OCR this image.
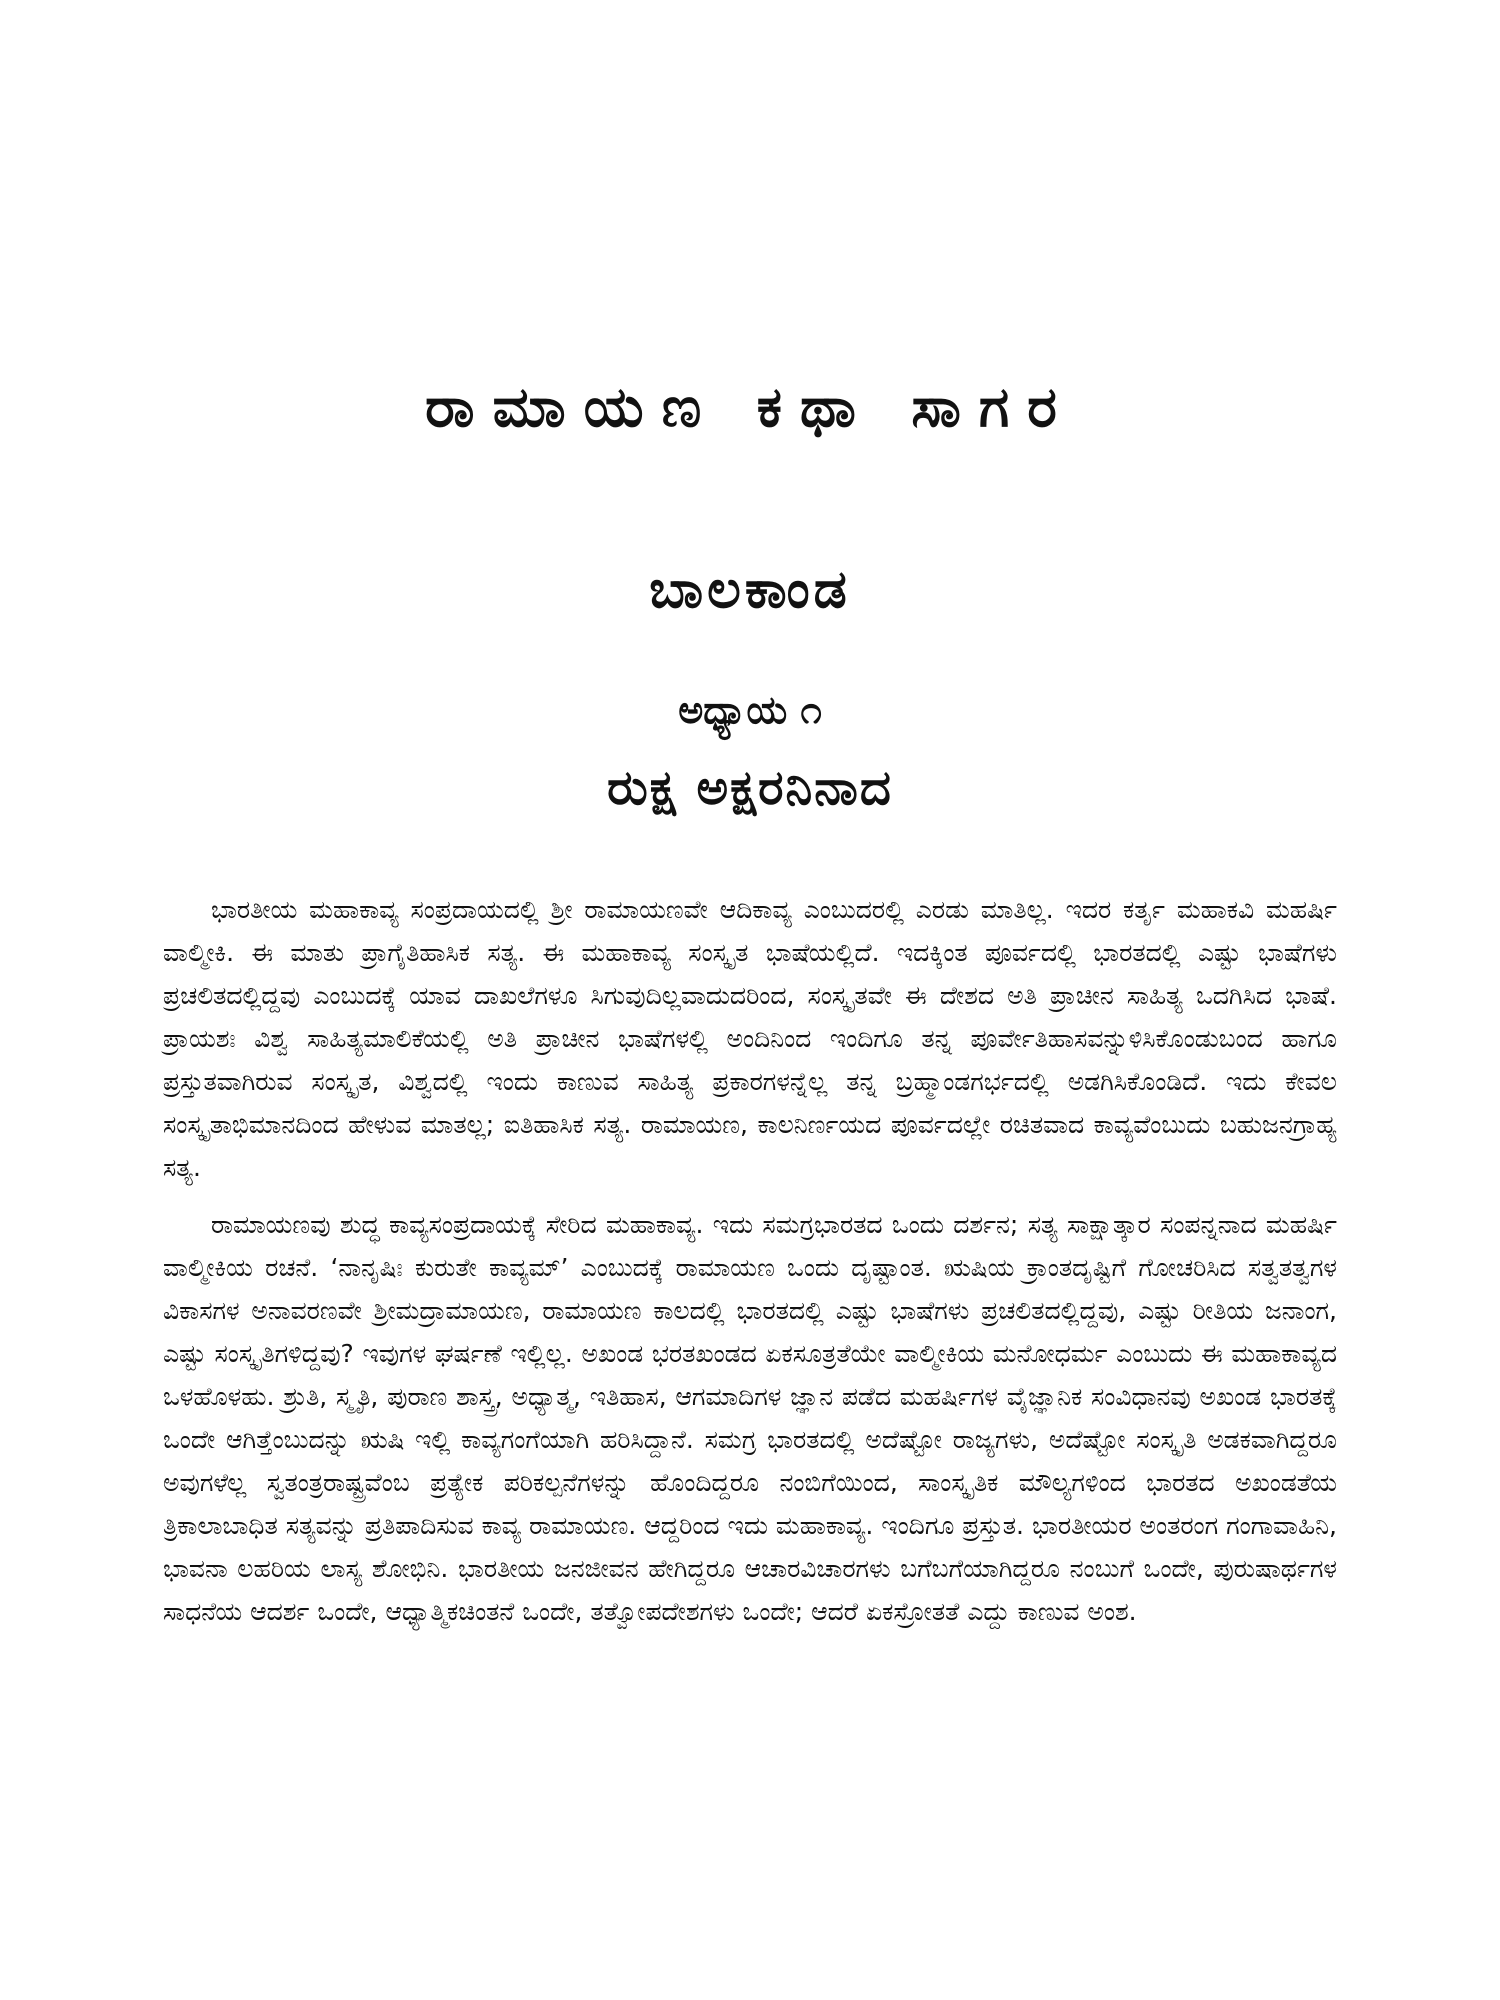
ರಾಮಾಯಣ ಕಥಾ ಸಾಗರ
ಬಾಲಕಾಂಡ
ಅಧ್ಯಾಯ ೧
ರುಕ್ಷ ಅಕ್ಷರನಿನಾದ

ಭಾರತೀಯ ಮಹಾಕಾವ್ಯ ಸಂಪ್ರದಾಯದಲ್ಲಿ ಶ್ರೀ ರಾಮಾಯಣವೇ ಆದಿಕಾವ್ಯ ಎಂಬುದರಲ್ಲಿ ಎರಡು ಮಾತಿಲ್ಲ. ಇದರ ಕರ್ತೃ ಮಹಾಕವಿ ಮಹರ್ಷಿ ವಾಲ್ಮೀಕಿ. ಈ ಮಾತು ಪ್ರಾಗೈತಿಹಾಸಿಕ ಸತ್ಯ. ಈ ಮಹಾಕಾವ್ಯ ಸಂಸ್ಕೃತ ಭಾಷೆಯಲ್ಲಿದೆ. ಇದಕ್ಕಿಂತ ಪೂರ್ವದಲ್ಲಿ ಭಾರತದಲ್ಲಿ ಎಷ್ಟು ಭಾಷೆಗಳು ಪ್ರಚಲಿತದಲ್ಲಿದ್ದವು ಎಂಬುದಕ್ಕೆ ಯಾವ ದಾಖಲೆಗಳೂ ಸಿಗುವುದಿಲ್ಲವಾದುದರಿಂದ, ಸಂಸ್ಕೃತವೇ ಈ ದೇಶದ ಅತಿ ಪ್ರಾಚೀನ ಸಾಹಿತ್ಯ ಒದಗಿಸಿದ ಭಾಷೆ. ಪ್ರಾಯಶಃ ವಿಶ್ವ ಸಾಹಿತ್ಯಮಾಲಿಕೆಯಲ್ಲಿ ಅತಿ ಪ್ರಾಚೀನ ಭಾಷೆಗಳಲ್ಲಿ ಅಂದಿನಿಂದ ಇಂದಿಗೂ ತನ್ನ ಪೂರ್ವೇತಿಹಾಸವನ್ನುಳಿಸಿಕೊಂಡುಬಂದ ಹಾಗೂ ಪ್ರಸ್ತುತವಾಗಿರುವ ಸಂಸ್ಕೃತ, ವಿಶ್ವದಲ್ಲಿ ಇಂದು ಕಾಣುವ ಸಾಹಿತ್ಯ ಪ್ರಕಾರಗಳನ್ನೆಲ್ಲ ತನ್ನ ಬ್ರಹ್ಮಾಂಡಗರ್ಭದಲ್ಲಿ ಅಡಗಿಸಿಕೊಂಡಿದೆ. ಇದು ಕೇವಲ ಸಂಸ್ಕೃತಾಭಿಮಾನದಿಂದ ಹೇಳುವ ಮಾತಲ್ಲ; ಐತಿಹಾಸಿಕ ಸತ್ಯ. ರಾಮಾಯಣ, ಕಾಲನಿರ್ಣಯದ ಪೂರ್ವದಲ್ಲೇ ರಚಿತವಾದ ಕಾವ್ಯವೆಂಬುದು ಬಹುಜನಗ್ರಾಹ್ಯ ಸತ್ಯ.

ರಾಮಾಯಣವು ಶುದ್ಧ ಕಾವ್ಯಸಂಪ್ರದಾಯಕ್ಕೆ ಸೇರಿದ ಮಹಾಕಾವ್ಯ. ಇದು ಸಮಗ್ರಭಾರತದ ಒಂದು ದರ್ಶನ; ಸತ್ಯ ಸಾಕ್ಷಾತ್ಕಾರ ಸಂಪನ್ನನಾದ ಮಹರ್ಷಿ ವಾಲ್ಮೀಕಿಯ ರಚನೆ. ‘ನಾನೃಷಿಃ ಕುರುತೇ ಕಾವ್ಯಮ್’ ಎಂಬುದಕ್ಕೆ ರಾಮಾಯಣ ಒಂದು ದೃಷ್ಟಾಂತ. ಋಷಿಯ ಕ್ರಾಂತದೃಷ್ಟಿಗೆ ಗೋಚರಿಸಿದ ಸತ್ವತತ್ವಗಳ ವಿಕಾಸಗಳ ಅನಾವರಣವೇ ಶ್ರೀಮದ್ರಾಮಾಯಣ, ರಾಮಾಯಣ ಕಾಲದಲ್ಲಿ ಭಾರತದಲ್ಲಿ ಎಷ್ಟು ಭಾಷೆಗಳು ಪ್ರಚಲಿತದಲ್ಲಿದ್ದವು, ಎಷ್ಟು ರೀತಿಯ ಜನಾಂಗ, ಎಷ್ಟು ಸಂಸ್ಕೃತಿಗಳಿದ್ದವು? ಇವುಗಳ ಘರ್ಷಣೆ ಇಲ್ಲಿಲ್ಲ. ಅಖಂಡ ಭರತಖಂಡದ ಏಕಸೂತ್ರತೆಯೇ ವಾಲ್ಮೀಕಿಯ ಮನೋಧರ್ಮ ಎಂಬುದು ಈ ಮಹಾಕಾವ್ಯದ ಒಳಹೊಳಹು. ಶ್ರುತಿ, ಸ್ಮೃತಿ, ಪುರಾಣ ಶಾಸ್ತ್ರ, ಅಧ್ಯಾತ್ಮ, ಇತಿಹಾಸ, ಆಗಮಾದಿಗಳ ಜ್ಞಾನ ಪಡೆದ ಮಹರ್ಷಿಗಳ ವೈಜ್ಞಾನಿಕ ಸಂವಿಧಾನವು ಅಖಂಡ ಭಾರತಕ್ಕೆ ಒಂದೇ ಆಗಿತ್ತೆಂಬುದನ್ನು ಋಷಿ ಇಲ್ಲಿ ಕಾವ್ಯಗಂಗೆಯಾಗಿ ಹರಿಸಿದ್ದಾನೆ. ಸಮಗ್ರ ಭಾರತದಲ್ಲಿ ಅದೆಷ್ಟೋ ರಾಜ್ಯಗಳು, ಅದೆಷ್ಟೋ ಸಂಸ್ಕೃತಿ ಅಡಕವಾಗಿದ್ದರೂ ಅವುಗಳೆಲ್ಲ ಸ್ವತಂತ್ರರಾಷ್ಟ್ರವೆಂಬ ಪ್ರತ್ಯೇಕ ಪರಿಕಲ್ಪನೆಗಳನ್ನು ಹೊಂದಿದ್ದರೂ ನಂಬಿಗೆಯಿಂದ, ಸಾಂಸ್ಕೃತಿಕ ಮೌಲ್ಯಗಳಿಂದ ಭಾರತದ ಅಖಂಡತೆಯ ತ್ರಿಕಾಲಾಬಾಧಿತ ಸತ್ಯವನ್ನು ಪ್ರತಿಪಾದಿಸುವ ಕಾವ್ಯ ರಾಮಾಯಣ. ಆದ್ದರಿಂದ ಇದು ಮಹಾಕಾವ್ಯ. ಇಂದಿಗೂ ಪ್ರಸ್ತುತ. ಭಾರತೀಯರ ಅಂತರಂಗ ಗಂಗಾವಾಹಿನಿ, ಭಾವನಾ ಲಹರಿಯ ಲಾಸ್ಯ ಶೋಭಿನಿ. ಭಾರತೀಯ ಜನಜೀವನ ಹೇಗಿದ್ದರೂ ಆಚಾರವಿಚಾರಗಳು ಬಗೆಬಗೆಯಾಗಿದ್ದರೂ ನಂಬುಗೆ ಒಂದೇ, ಪುರುಷಾರ್ಥಗಳ ಸಾಧನೆಯ ಆದರ್ಶ ಒಂದೇ, ಆಧ್ಯಾತ್ಮಿಕಚಿಂತನೆ ಒಂದೇ, ತತ್ವೋಪದೇಶಗಳು ಒಂದೇ; ಆದರೆ ಏಕಸ್ರೋತತೆ ಎದ್ದು ಕಾಣುವ ಅಂಶ.
